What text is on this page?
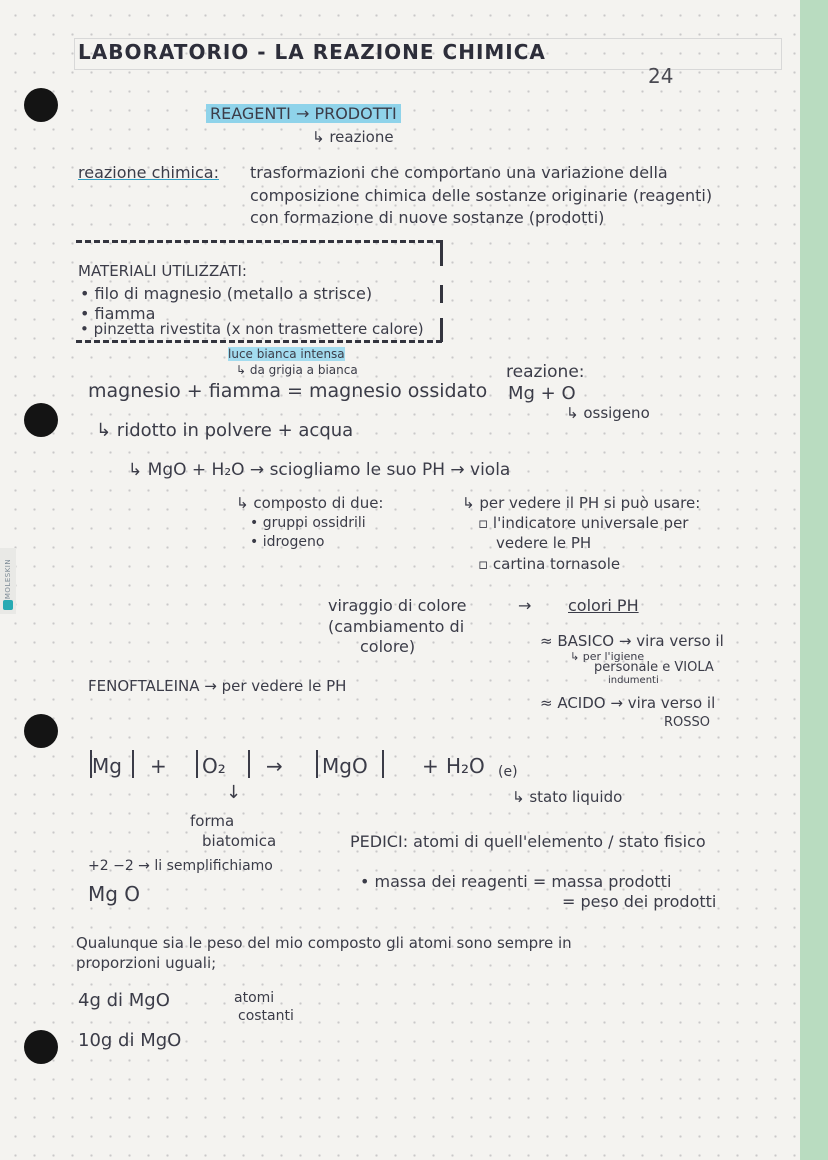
MOLESKIN
LABORATORIO - LA REAZIONE CHIMICA
24
REAGENTI → PRODOTTI
↳ reazione
reazione chimica: trasformazioni che comportano una variazione della
composizione chimica delle sostanze originarie (reagenti)
con formazione di nuove sostanze (prodotti)
MATERIALI UTILIZZATI:
• filo di magnesio (metallo a strisce)
• fiamma
• pinzetta rivestita (x non trasmettere calore)
luce bianca intensa
↳ da grigia a bianca
magnesio + fiamma = magnesio ossidato
reazione:
Mg + O
↳ ossigeno
↳ ridotto in polvere + acqua
↳ MgO + H₂O → sciogliamo le suo PH → viola
↳ composto di due:
• gruppi ossidrili
• idrogeno
↳ per vedere il PH si può usare:
▫ l'indicatore universale per
vedere le PH
▫ cartina tornasole
viraggio di colore
(cambiamento di
colore)
→ colori PH
≈ BASICO → vira verso il
↳ per l'igiene
personale e VIOLA
indumenti
≈ ACIDO → vira verso il
ROSSO
FENOFTALEINA → per vedere le PH
Mg + O₂ → MgO	+ H₂O (e)
↳ stato liquido
↓
forma
biatomica	PEDICI: atomi di quell'elemento / stato fisico
+2 −2 → li semplifichiamo
Mg O
• massa dei reagenti = massa prodotti
= peso dei prodotti
Qualunque sia le peso del mio composto gli atomi sono sempre in
proporzioni uguali;
4g di MgO
10g di MgO
atomi
costanti
